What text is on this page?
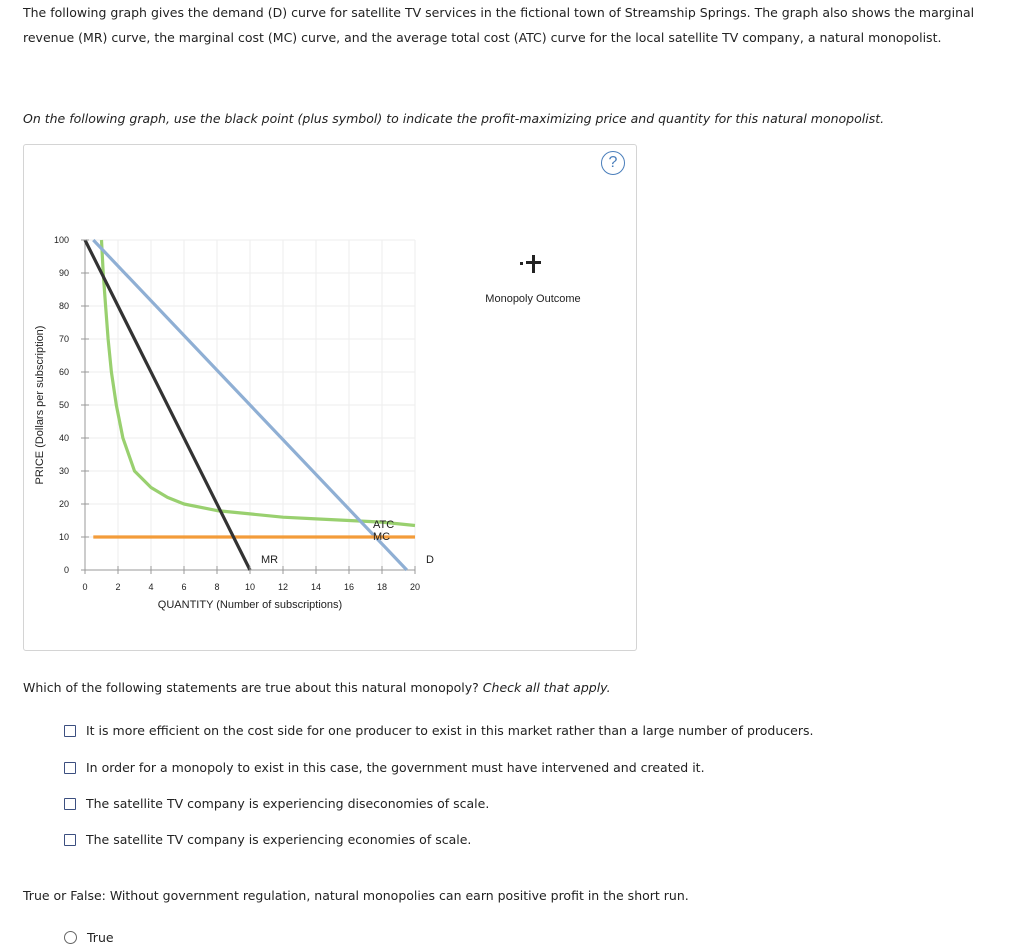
The following graph gives the demand (D) curve for satellite TV services in the fictional town of Streamship Springs. The graph also shows the marginal revenue (MR) curve, the marginal cost (MC) curve, and the average total cost (ATC) curve for the local satellite TV company, a natural monopolist.
On the following graph, use the black point (plus symbol) to indicate the profit-maximizing price and quantity for this natural monopolist.
?
0	2	4	6	8	10	12	14	16	18	20
0
10
20
30
40
50
60
70
80
90
100
QUANTITY (Number of subscriptions)
PRICE (Dollars per subscription)
ATC
MC
MR	D
Monopoly Outcome
Which of the following statements are true about this natural monopoly? Check all that apply.
It is more efficient on the cost side for one producer to exist in this market rather than a large number of producers.
In order for a monopoly to exist in this case, the government must have intervened and created it.
The satellite TV company is experiencing diseconomies of scale.
The satellite TV company is experiencing economies of scale.
True or False: Without government regulation, natural monopolies can earn positive profit in the short run.
True
